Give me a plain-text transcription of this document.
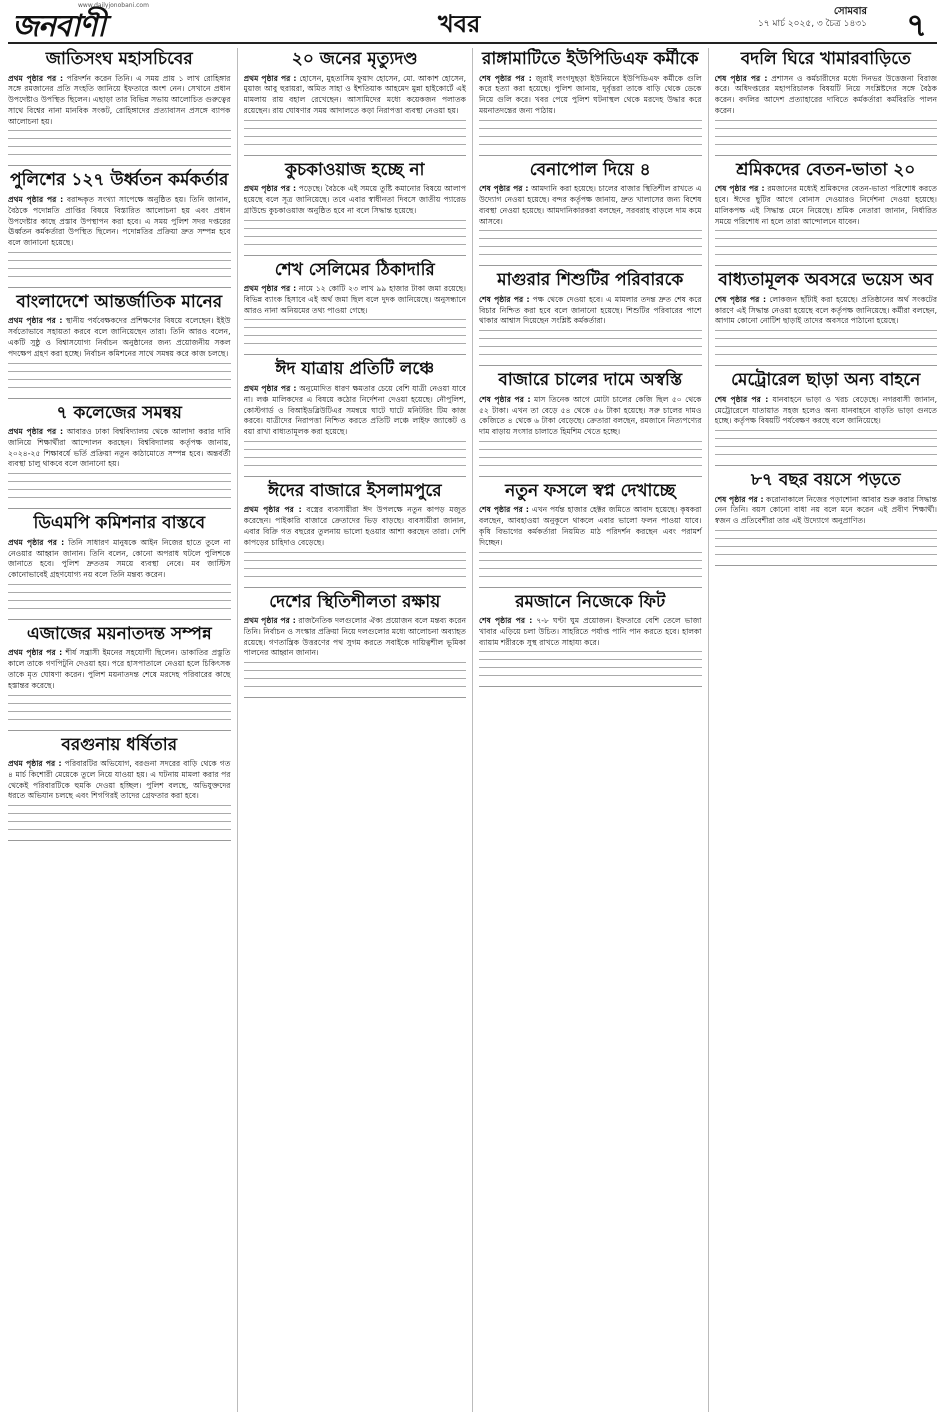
জনবাণী
www.dailyjonobani.com
খবর	সোমবার
১৭ মার্চ ২০২৫, ৩ চৈত্র ১৪৩১ ৭
জাতিসংঘ মহাসচিবের

প্রথম পৃষ্ঠার পর : পরিদর্শন করেন তিনি। এ সময় প্রায় ১ লাখ রোহিঙ্গার সঙ্গে রমজানের প্রতি সংহতি জানিয়ে ইফতারে অংশ নেন। সেখানে প্রধান উপদেষ্টাও উপস্থিত ছিলেন। এছাড়া তার বিভিন্ন সভায় আলোচিত গুরুত্বের সাথে বিশ্বের নানা মানবিক সংকট, রোহিঙ্গাদের প্রত্যাবাসন প্রসঙ্গে ব্যাপক আলোচনা হয়।

পুলিশের ১২৭ উর্ধ্বতন কর্মকর্তার

প্রথম পৃষ্ঠার পর : বরাদ্দকৃত সংখ্যা সাপেক্ষে অনুষ্ঠিত হয়। তিনি জানান, বৈঠকে পদোন্নতি প্রাপ্তির বিষয়ে বিস্তারিত আলোচনা হয় এবং প্রধান উপদেষ্টার কাছে প্রস্তাব উপস্থাপন করা হবে। এ সময় পুলিশ সদর দপ্তরের ঊর্ধ্বতন কর্মকর্তারা উপস্থিত ছিলেন। পদোন্নতির প্রক্রিয়া দ্রুত সম্পন্ন হবে বলে জানানো হয়েছে।

বাংলাদেশে আন্তর্জাতিক মানের

প্রথম পৃষ্ঠার পর : স্থানীয় পর্যবেক্ষকদের প্রশিক্ষণের বিষয়ে বলেছেন। ইইউ সর্বতোভাবে সহায়তা করবে বলে জানিয়েছেন তারা। তিনি আরও বলেন, একটি সুষ্ঠু ও বিশ্বাসযোগ্য নির্বাচন অনুষ্ঠানের জন্য প্রয়োজনীয় সকল পদক্ষেপ গ্রহণ করা হচ্ছে। নির্বাচন কমিশনের সাথে সমন্বয় করে কাজ চলছে।

৭ কলেজের সমন্বয়

প্রথম পৃষ্ঠার পর : আবারও ঢাকা বিশ্ববিদ্যালয় থেকে আলাদা করার দাবি জানিয়ে শিক্ষার্থীরা আন্দোলন করছেন। বিশ্ববিদ্যালয় কর্তৃপক্ষ জানায়, ২০২৪-২৫ শিক্ষাবর্ষে ভর্তি প্রক্রিয়া নতুন কাঠামোতে সম্পন্ন হবে। অন্তর্বর্তী ব্যবস্থা চালু থাকবে বলে জানানো হয়।

ডিএমপি কমিশনার বাস্তবে

প্রথম পৃষ্ঠার পর : তিনি সাধারণ মানুষকে আইন নিজের হাতে তুলে না নেওয়ার আহ্বান জানান। তিনি বলেন, কোনো অপরাধ ঘটলে পুলিশকে জানাতে হবে। পুলিশ দ্রুততম সময়ে ব্যবস্থা নেবে। মব জাস্টিস কোনোভাবেই গ্রহণযোগ্য নয় বলে তিনি মন্তব্য করেন।

এজাজের ময়নাতদন্ত সম্পন্ন

প্রথম পৃষ্ঠার পর : শীর্ষ সন্ত্রাসী ইমনের সহযোগী ছিলেন। ডাকাতির প্রস্তুতি কালে তাকে গণপিটুনি দেওয়া হয়। পরে হাসপাতালে নেওয়া হলে চিকিৎসক তাকে মৃত ঘোষণা করেন। পুলিশ ময়নাতদন্ত শেষে মরদেহ পরিবারের কাছে হস্তান্তর করেছে।

বরগুনায় ধর্ষিতার

প্রথম পৃষ্ঠার পর : পরিবারটির অভিযোগ, বরগুনা সদরের বাড়ি থেকে গত ৪ মার্চ কিশোরী মেয়েকে তুলে নিয়ে যাওয়া হয়। এ ঘটনায় মামলা করার পর থেকেই পরিবারটিকে হুমকি দেওয়া হচ্ছিল। পুলিশ বলছে, অভিযুক্তদের ধরতে অভিযান চলছে এবং শিগগিরই তাদের গ্রেফতার করা হবে।

২০ জনের মৃত্যুদণ্ড

প্রথম পৃষ্ঠার পর : হোসেন, মুহতাসিম ফুয়াদ হোসেন, মো. আকাশ হোসেন, মুয়াজ আবু হুরায়রা, অমিত সাহা ও ইশতিয়াক আহমেদ মুন্না হাইকোর্টে এই মামলায় রায় বহাল রেখেছেন। আসামিদের মধ্যে কয়েকজন পলাতক রয়েছেন। রায় ঘোষণার সময় আদালতে কড়া নিরাপত্তা ব্যবস্থা নেওয়া হয়।

কুচকাওয়াজ হচ্ছে না

প্রথম পৃষ্ঠার পর : পড়েছে। বৈঠকে এই সময়ে তুষ্টি কমানোর বিষয়ে আলাপ হয়েছে বলে সূত্র জানিয়েছে। তবে এবার স্বাধীনতা দিবসে জাতীয় প্যারেড গ্রাউন্ডে কুচকাওয়াজ অনুষ্ঠিত হবে না বলে সিদ্ধান্ত হয়েছে।

শেখ সেলিমের ঠিকাদারি

প্রথম পৃষ্ঠার পর : নামে ১২ কোটি ২৩ লাখ ৯৯ হাজার টাকা জমা রয়েছে। বিভিন্ন ব্যাংক হিসাবে এই অর্থ জমা ছিল বলে দুদক জানিয়েছে। অনুসন্ধানে আরও নানা অনিয়মের তথ্য পাওয়া গেছে।

ঈদ যাত্রায় প্রতিটি লঞ্চে

প্রথম পৃষ্ঠার পর : অনুমোদিত ধারণ ক্ষমতার চেয়ে বেশি যাত্রী নেওয়া যাবে না। লঞ্চ মালিকদের এ বিষয়ে কঠোর নির্দেশনা দেওয়া হয়েছে। নৌপুলিশ, কোস্টগার্ড ও বিআইডব্লিউটিএর সমন্বয়ে ঘাটে ঘাটে মনিটরিং টিম কাজ করবে। যাত্রীদের নিরাপত্তা নিশ্চিত করতে প্রতিটি লঞ্চে লাইফ জ্যাকেট ও বয়া রাখা বাধ্যতামূলক করা হয়েছে।

ঈদের বাজারে ইসলামপুরে

প্রথম পৃষ্ঠার পর : বস্ত্রের ব্যবসায়ীরা ঈদ উপলক্ষে নতুন কাপড় মজুত করেছেন। পাইকারি বাজারে ক্রেতাদের ভিড় বাড়ছে। ব্যবসায়ীরা জানান, এবার বিক্রি গত বছরের তুলনায় ভালো হওয়ার আশা করছেন তারা। দেশি কাপড়ের চাহিদাও বেড়েছে।

দেশের স্থিতিশীলতা রক্ষায়

প্রথম পৃষ্ঠার পর : রাজনৈতিক দলগুলোর ঐক্য প্রয়োজন বলে মন্তব্য করেন তিনি। নির্বাচন ও সংস্কার প্রক্রিয়া নিয়ে দলগুলোর মধ্যে আলোচনা অব্যাহত রয়েছে। গণতান্ত্রিক উত্তরণের পথ সুগম করতে সবাইকে দায়িত্বশীল ভূমিকা পালনের আহ্বান জানান।

রাঙ্গামাটিতে ইউপিডিএফ কর্মীকে

শেষ পৃষ্ঠার পর : জুরাই লংগদুছড়া ইউনিয়নে ইউপিডিএফ কর্মীকে গুলি করে হত্যা করা হয়েছে। পুলিশ জানায়, দুর্বৃত্তরা তাকে বাড়ি থেকে ডেকে নিয়ে গুলি করে। খবর পেয়ে পুলিশ ঘটনাস্থল থেকে মরদেহ উদ্ধার করে ময়নাতদন্তের জন্য পাঠায়।

বেনাপোল দিয়ে ৪

শেষ পৃষ্ঠার পর : আমদানি করা হয়েছে। চালের বাজার স্থিতিশীল রাখতে এ উদ্যোগ নেওয়া হয়েছে। বন্দর কর্তৃপক্ষ জানায়, দ্রুত খালাসের জন্য বিশেষ ব্যবস্থা নেওয়া হয়েছে। আমদানিকারকরা বলছেন, সরবরাহ বাড়লে দাম কমে আসবে।

মাগুরার শিশুটির পরিবারকে

শেষ পৃষ্ঠার পর : পক্ষ থেকে দেওয়া হবে। এ মামলার তদন্ত দ্রুত শেষ করে বিচার নিশ্চিত করা হবে বলে জানানো হয়েছে। শিশুটির পরিবারের পাশে থাকার আশ্বাস দিয়েছেন সংশ্লিষ্ট কর্মকর্তারা।

বাজারে চালের দামে অস্বস্তি

শেষ পৃষ্ঠার পর : মাস তিনেক আগে মোটা চালের কেজি ছিল ৫০ থেকে ৫২ টাকা। এখন তা বেড়ে ৫৪ থেকে ৫৬ টাকা হয়েছে। সরু চালের দামও কেজিতে ৪ থেকে ৬ টাকা বেড়েছে। ক্রেতারা বলছেন, রমজানে নিত্যপণ্যের দাম বাড়ায় সংসার চালাতে হিমশিম খেতে হচ্ছে।

নতুন ফসলে স্বপ্ন দেখাচ্ছে

শেষ পৃষ্ঠার পর : এখন পর্যন্ত হাজার হেক্টর জমিতে আবাদ হয়েছে। কৃষকরা বলছেন, আবহাওয়া অনুকূলে থাকলে এবার ভালো ফলন পাওয়া যাবে। কৃষি বিভাগের কর্মকর্তারা নিয়মিত মাঠ পরিদর্শন করছেন এবং পরামর্শ দিচ্ছেন।

রমজানে নিজেকে ফিট

শেষ পৃষ্ঠার পর : ৭-৮ ঘণ্টা ঘুম প্রয়োজন। ইফতারে বেশি তেলে ভাজা খাবার এড়িয়ে চলা উচিত। সাহরিতে পর্যাপ্ত পানি পান করতে হবে। হালকা ব্যায়াম শরীরকে সুস্থ রাখতে সাহায্য করে।

বদলি ঘিরে খামারবাড়িতে

শেষ পৃষ্ঠার পর : প্রশাসন ও কর্মচারীদের মধ্যে দিনভর উত্তেজনা বিরাজ করে। অধিদপ্তরের মহাপরিচালক বিষয়টি নিয়ে সংশ্লিষ্টদের সঙ্গে বৈঠক করেন। বদলির আদেশ প্রত্যাহারের দাবিতে কর্মকর্তারা কর্মবিরতি পালন করেন।

শ্রমিকদের বেতন-ভাতা ২০

শেষ পৃষ্ঠার পর : রমজানের মধ্যেই শ্রমিকদের বেতন-ভাতা পরিশোধ করতে হবে। ঈদের ছুটির আগে বোনাস দেওয়ারও নির্দেশনা দেওয়া হয়েছে। মালিকপক্ষ এই সিদ্ধান্ত মেনে নিয়েছে। শ্রমিক নেতারা জানান, নির্ধারিত সময়ে পরিশোধ না হলে তারা আন্দোলনে যাবেন।

বাধ্যতামূলক অবসরে ভয়েস অব

শেষ পৃষ্ঠার পর : লোকজন ছাঁটাই করা হয়েছে। প্রতিষ্ঠানের অর্থ সংকটের কারণে এই সিদ্ধান্ত নেওয়া হয়েছে বলে কর্তৃপক্ষ জানিয়েছে। কর্মীরা বলছেন, আগাম কোনো নোটিশ ছাড়াই তাদের অবসরে পাঠানো হয়েছে।

মেট্রোরেল ছাড়া অন্য বাহনে

শেষ পৃষ্ঠার পর : যানবাহনে ভাড়া ও খরচ বেড়েছে। নগরবাসী জানান, মেট্রোরেলে যাতায়াত সহজ হলেও অন্য যানবাহনে বাড়তি ভাড়া গুনতে হচ্ছে। কর্তৃপক্ষ বিষয়টি পর্যবেক্ষণ করছে বলে জানিয়েছে।

৮৭ বছর বয়সে পড়তে

শেষ পৃষ্ঠার পর : করোনাকালে নিজের পড়াশোনা আবার শুরু করার সিদ্ধান্ত নেন তিনি। বয়স কোনো বাধা নয় বলে মনে করেন এই প্রবীণ শিক্ষার্থী। স্বজন ও প্রতিবেশীরা তার এই উদ্যোগে অনুপ্রাণিত।
